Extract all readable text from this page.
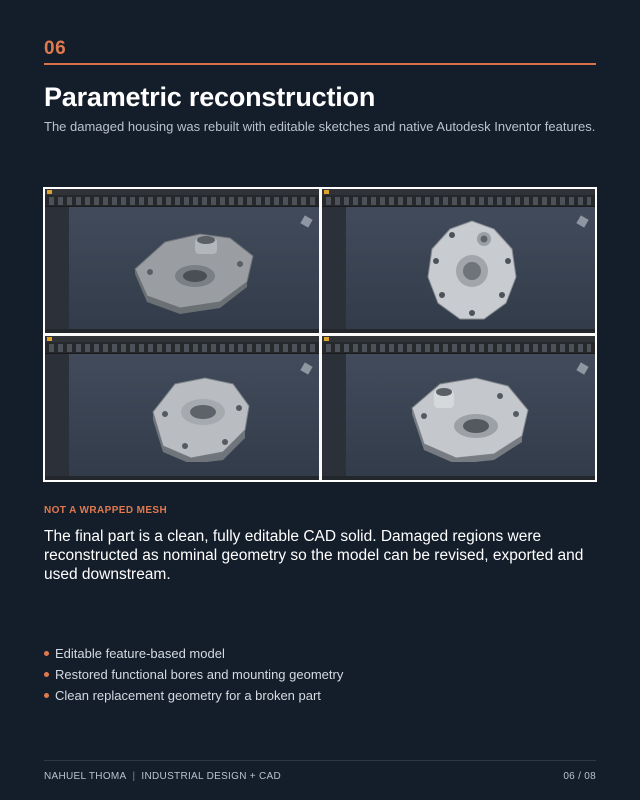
06
Parametric reconstruction

The damaged housing was rebuilt with editable sketches and native Autodesk Inventor features.

NOT A WRAPPED MESH

The final part is a clean, fully editable CAD solid. Damaged regions were reconstructed as nominal geometry so the model can be revised, exported and used downstream.

Editable feature-based model
Restored functional bores and mounting geometry
Clean replacement geometry for a broken part
NAHUEL THOMA | INDUSTRIAL DESIGN + CAD	06 / 08
